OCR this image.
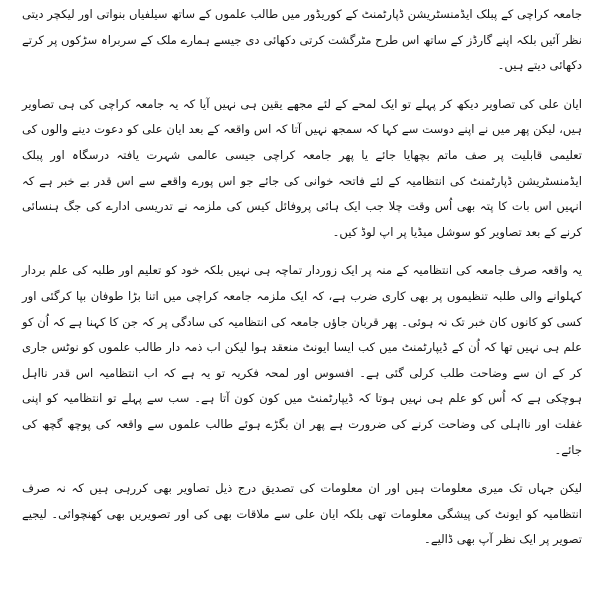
جامعہ کراچی کے پبلک ایڈمنسٹریشن ڈپارٹمنٹ کے کوریڈور میں طالب علموں کے ساتھ سیلفیاں بنواتی اور لیکچر دیتی نظر آئیں بلکہ اپنے گارڈز کے ساتھ اس طرح مٹرگشت کرتی دکھائی دی جیسے ہمارے ملک کے سربراہ سڑکوں پر کرتے دکھائی دیتے ہیں۔

ایان علی کی تصاویر دیکھ کر پہلے تو ایک لمحے کے لئے مجھے یقین ہی نہیں آیا کہ یہ جامعہ کراچی کی ہی تصاویر ہیں، لیکن پھر میں نے اپنے دوست سے کہا کہ سمجھ نہیں آتا کہ اس واقعہ کے بعد ایان علی کو دعوت دینے والوں کی تعلیمی قابلیت پر صف ماتم بچھایا جائے یا پھر جامعہ کراچی جیسی عالمی شہرت یافتہ درسگاہ اور پبلک ایڈمنسٹریشن ڈپارٹمنٹ کی انتظامیہ کے لئے فاتحہ خوانی کی جائے جو اس پورے واقعے سے اس قدر بے خبر ہے کہ انہیں اس بات کا پتہ بھی اُس وقت چلا جب ایک ہائی پروفائل کیس کی ملزمہ نے تدریسی ادارے کی جگ ہنسائی کرنے کے بعد تصاویر کو سوشل میڈیا پر اپ لوڈ کیں۔

یہ واقعہ صرف جامعہ کی انتظامیہ کے منہ پر ایک زوردار تماچہ ہی نہیں بلکہ خود کو تعلیم اور طلبہ کی علم بردار کہلوانے والی طلبہ تنظیموں پر بھی کاری ضرب ہے، کہ ایک ملزمہ جامعہ کراچی میں اتنا بڑا طوفان بپا کرگئی اور کسی کو کانوں کان خبر تک نہ ہوئی۔ پھر قربان جاؤں جامعہ کی انتظامیہ کی سادگی پر کہ جن کا کہنا ہے کہ اُن کو علم ہی نہیں تھا کہ اُن کے ڈیپارٹمنٹ میں کب ایسا ایونٹ منعقد ہوا لیکن اب ذمہ دار طالب علموں کو نوٹس جاری کر کے ان سے وضاحت طلب کرلی گئی ہے۔ افسوس اور لمحہ فکریہ تو یہ ہے کہ اب انتظامیہ اس قدر نااہل ہوچکی ہے کہ اُس کو علم ہی نہیں ہوتا کہ ڈیپارٹمنٹ میں کون کون آتا ہے۔ سب سے پہلے تو انتظامیہ کو اپنی غفلت اور نااہلی کی وضاحت کرنے کی ضرورت ہے پھر ان بگڑے ہوئے طالب علموں سے واقعہ کی پوچھ گچھ کی جائے۔

لیکن جہاں تک میری معلومات ہیں اور ان معلومات کی تصدیق درج ذیل تصاویر بھی کررہی ہیں کہ نہ صرف انتظامیہ کو ایونٹ کی پیشگی معلومات تھی بلکہ ایان علی سے ملاقات بھی کی اور تصویریں بھی کھنچوائی۔ لیجیے تصویر پر ایک نظر آپ بھی ڈالیے۔
